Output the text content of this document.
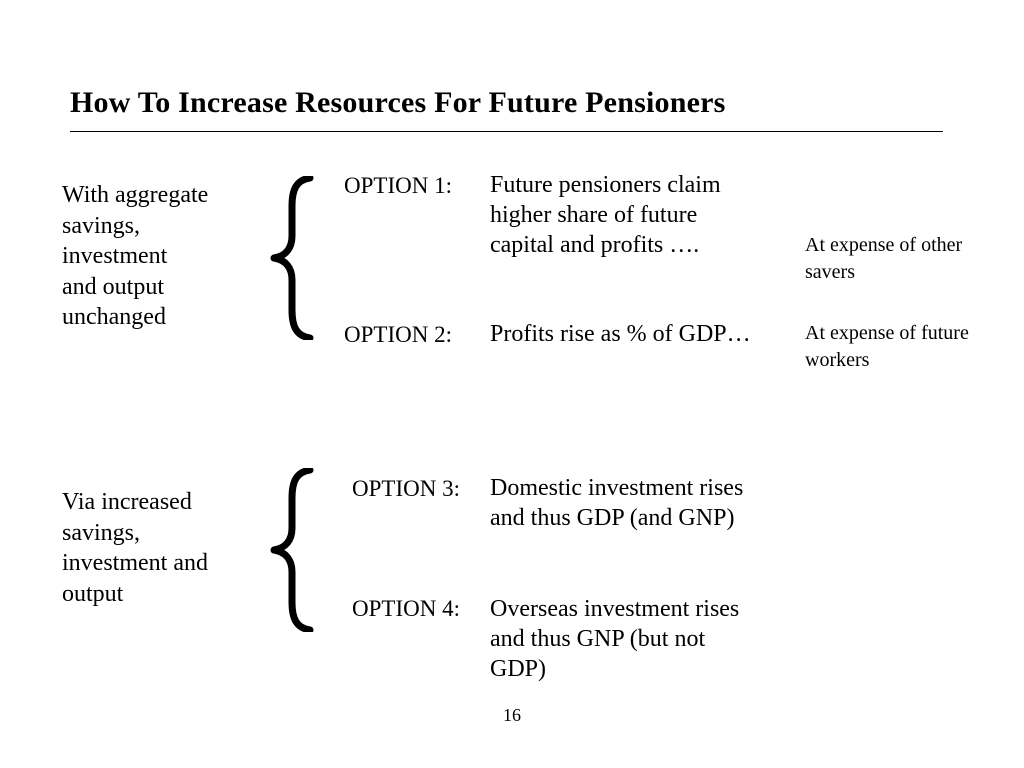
How To Increase Resources For Future Pensioners
With aggregate
savings,
investment
and output
unchanged
OPTION 1: Future pensioners claim
higher share of future
capital and profits ….	At expense of other
savers
OPTION 2: Profits rise as % of GDP…	At expense of future
workers
Via increased
savings,
investment and
output
OPTION 3: Domestic investment rises
and thus GDP (and GNP)
OPTION 4: Overseas investment rises
and thus GNP (but not
GDP)
16
